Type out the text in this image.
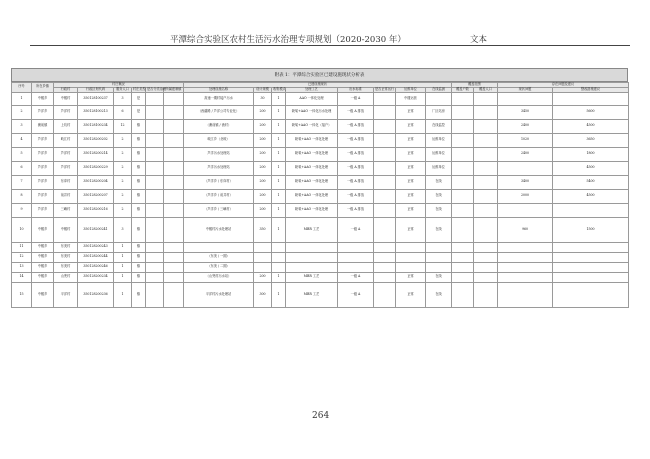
平潭综合实验区农村生活污水治理专项规划（2020-2030 年）	文本
附表 1：平潭综合实验区已建设施现状分析表
序号	所在乡镇	村庄概况						已建设施现状								覆盖范围		存在问题及建议	
		行政村	行政区划代码	服务人口	村庄类型	是否分类治理	所属建制镇	处理设施名称	设计规模	收集模式	处理工艺	出水标准	是否正常运行	运维单位	在线监测	覆盖户数	覆盖人口	现状问题	整改措施建议
1	中楼乡	中楼村	350128100237	3	是			高速一期村接户污水	30	1	AAO 一体化处理	一级 A		中楼运营					
2	芦洋乡	芦洋村	350128100213	6	是			（西湖路 / 芦洋公司专业化）	200	1	缺氧+AAO 一体化污水处理	一级 A 排放		正常	厂区站房			3450	5600
3	澳前镇	上坑村	350128100234	12	镇			（澳前镇 / 渔村）	200	1	缺氧+AAO 一体化（接户）	一级 A 排放		正常	在线监控			2400	4500
4	芦洋乡	岐江村	350128200202	2	镇			岐江乡（北岐）	200	1	缺氧+AAO 一体化处理	一级 A 排放		正常	运维单位			1020	3650
5	芦洋乡	芦洋村	350128200214	2	镇			芦洋污水处理站	200	1	缺氧+AAO 一体化处理	一级 A 排放		正常	运维单位			2400	1800
6	芦洋乡	芦洋村	350128200229	2	镇			芦洋污水处理站	200	1	缺氧+AAO 一体化处理	一级 A 排放		正常	运维单位				4500
7	芦洋乡	东庠村	350128200204	2	镇			（芦洋乡 / 东庠村）	200	1	缺氧+AAO 一体化处理	一级 A 排放		正常	在线			3400	5400
8	芦洋乡	前井村	350128200207	2	镇			（芦洋乡 / 前井村）	200	1	缺氧+AAO 一体化处理	一级 A 排放		正常	在线			2000	4500
9	芦洋乡	三嶼村	350128200216	2	镇			（芦洋乡 / 三嶼村）	200	1	缺氧+AAO 一体化处理	一级 A 排放		正常	在线				
10	中楼乡	中楼村	350128200241	3	镇			中楼村污水处理站	350	1	MBR 工艺	一级 A		正常	在线			960	1500
11	中楼乡	东美村	350128200243	1	镇														
12	中楼乡	东美村	350128200244	1	镇			（东美 / 一期）											
13	中楼乡	东美村	350128200246	1	镇			（东美 / 二期）											
14	中楼乡	山兜村	350128200234	1	镇			（山兜村污水站）	200	1	MBR 工艺	一级 A		正常	在线				
15	中楼乡	平洋村	350128200236	1	镇			平洋村污水处理站	300	1	MBR 工艺	一级 A		正常	在线				
264
